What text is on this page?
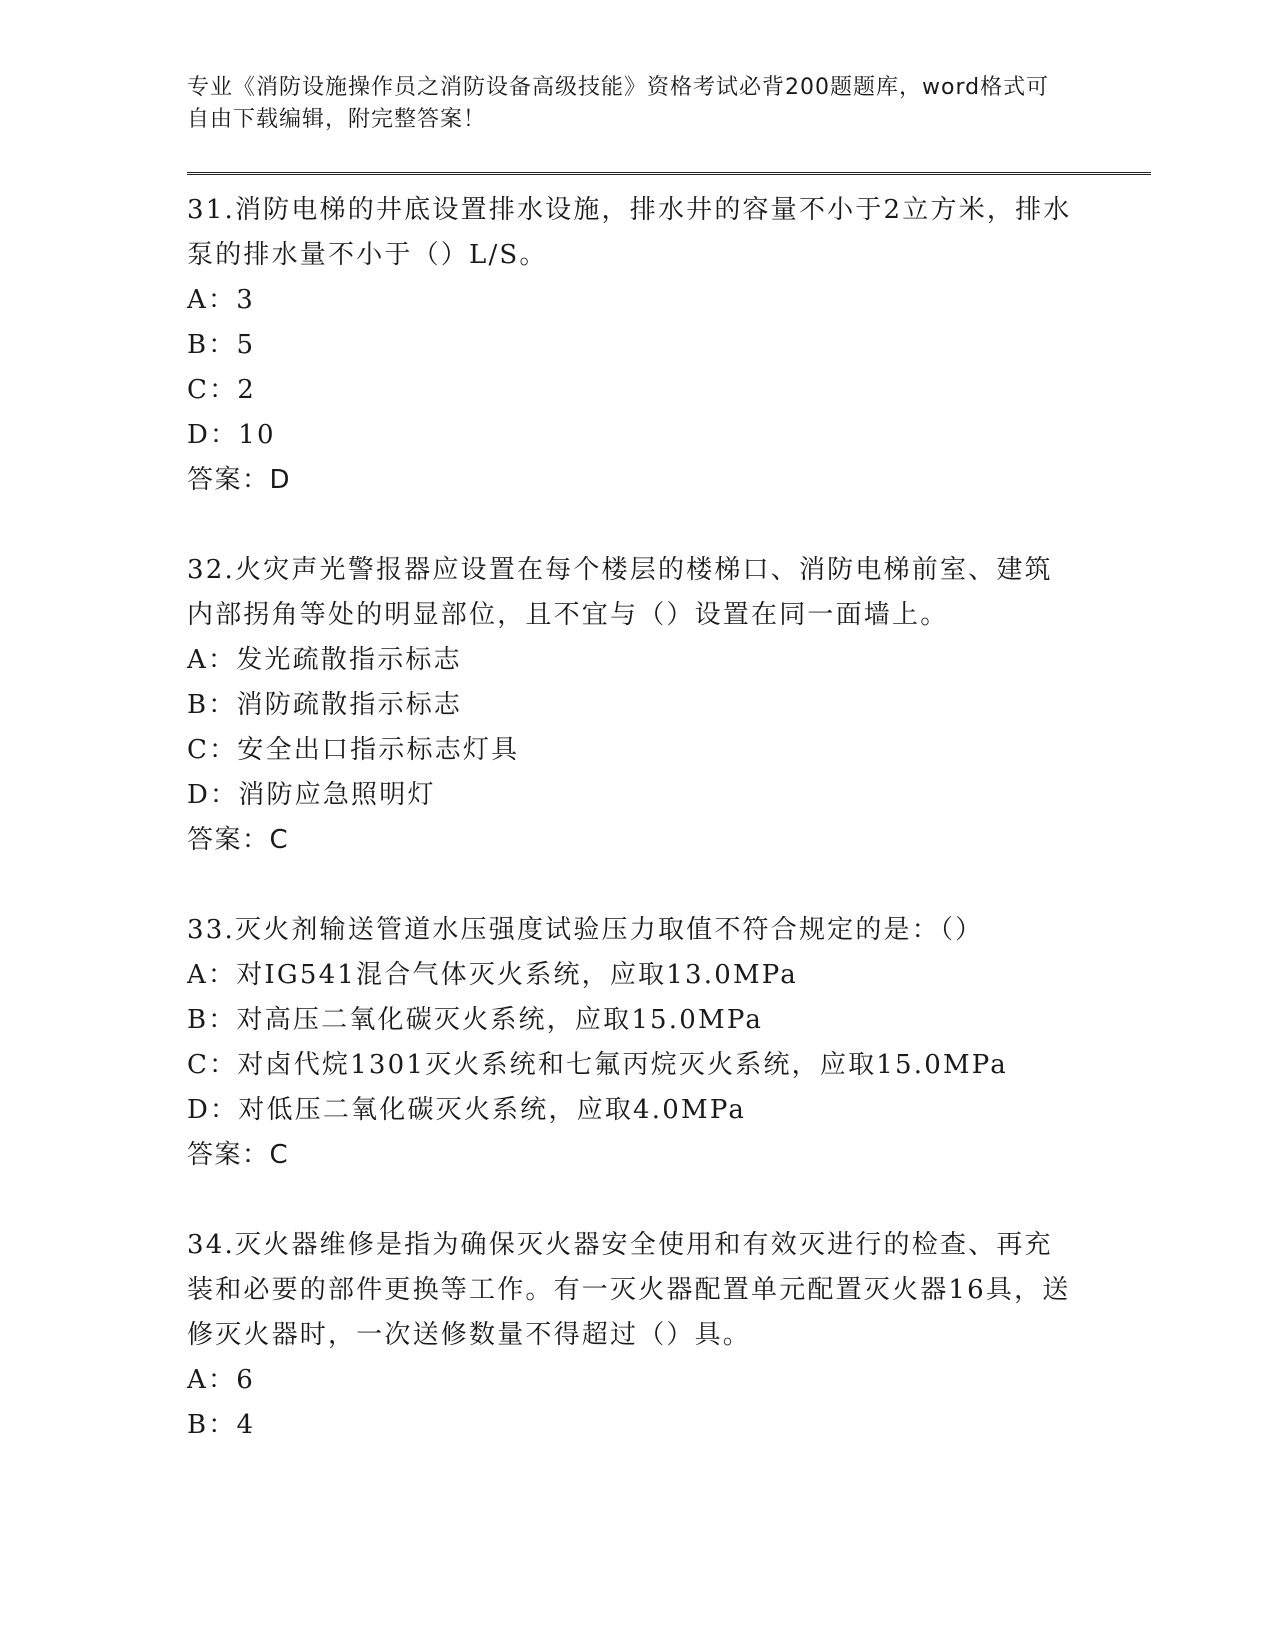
专业《消防设施操作员之消防设备高级技能》资格考试必背200题题库，word格式可自由下载编辑，附完整答案！

31.消防电梯的井底设置排水设施，排水井的容量不小于2立方米，排水泵的排水量不小于（）L/S。

A：3

B：5

C：2

D：10

答案：D

32.火灾声光警报器应设置在每个楼层的楼梯口、消防电梯前室、建筑内部拐角等处的明显部位，且不宜与（）设置在同一面墙上。

A：发光疏散指示标志

B：消防疏散指示标志

C：安全出口指示标志灯具

D：消防应急照明灯

答案：C

33.灭火剂输送管道水压强度试验压力取值不符合规定的是：（）

A：对IG541混合气体灭火系统，应取13.0MPa

B：对高压二氧化碳灭火系统，应取15.0MPa

C：对卤代烷1301灭火系统和七氟丙烷灭火系统，应取15.0MPa

D：对低压二氧化碳灭火系统，应取4.0MPa

答案：C

34.灭火器维修是指为确保灭火器安全使用和有效灭进行的检查、再充装和必要的部件更换等工作。有一灭火器配置单元配置灭火器16具，送修灭火器时，一次送修数量不得超过（）具。

A：6

B：4
